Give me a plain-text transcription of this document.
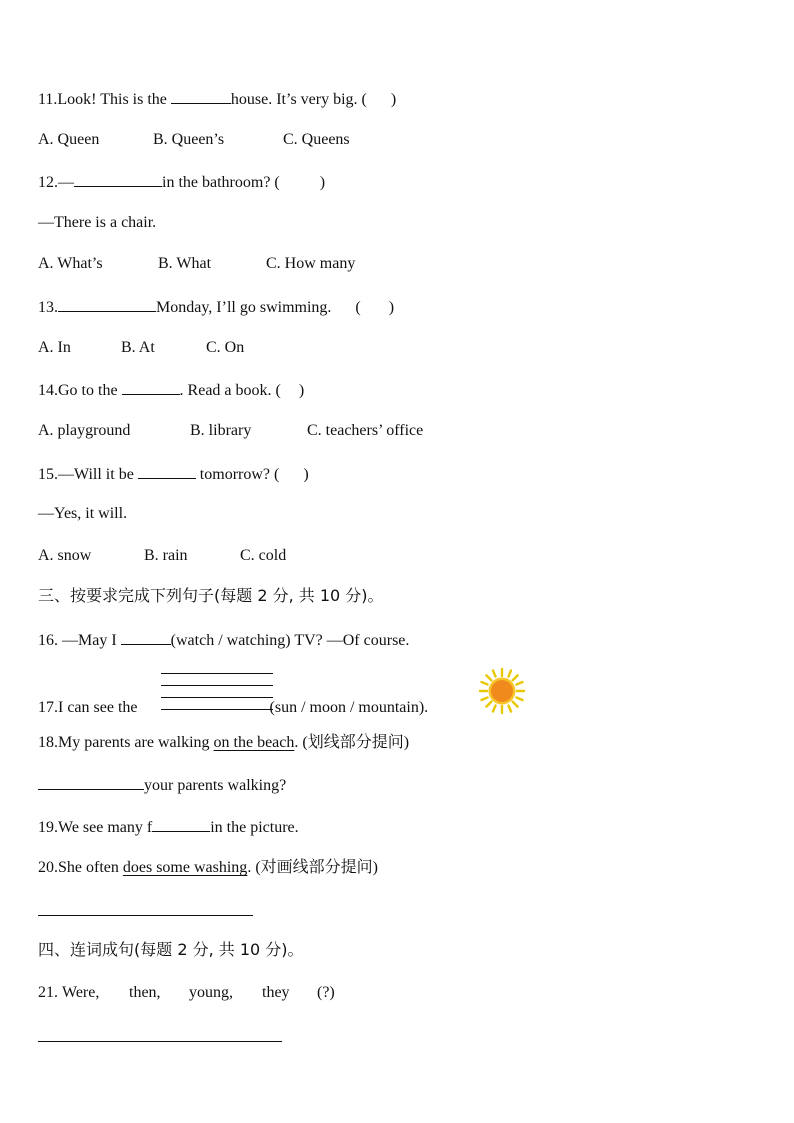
11.Look! This is the	house. It’s very big. ( )
A. Queen	B. Queen’s	C. Queens
12.—	in the bathroom? (	)
—There is a chair.
A. What’s	B. What	C. How many
13.	Monday, I’ll go swimming. ( )
A. In	B. At	C. On
14.Go to the	. Read a book. ( )
A. playground	B. library	C. teachers’ office
15.—Will it be	tomorrow? ( )
—Yes, it will.
A. snow	B. rain	C. cold
三、按要求完成下列句子(每题 2 分, 共 10 分)。
16. —May I	(watch / watching) TV? —Of course.
17.I can see the	(sun / moon / mountain).
18.My parents are walking on the beach. (划线部分提问)
your parents walking?
19.We see many f	in the picture.
20.She often does some washing. (对画线部分提问)
四、连词成句(每题 2 分, 共 10 分)。
21. Were, then, young, they (?)
